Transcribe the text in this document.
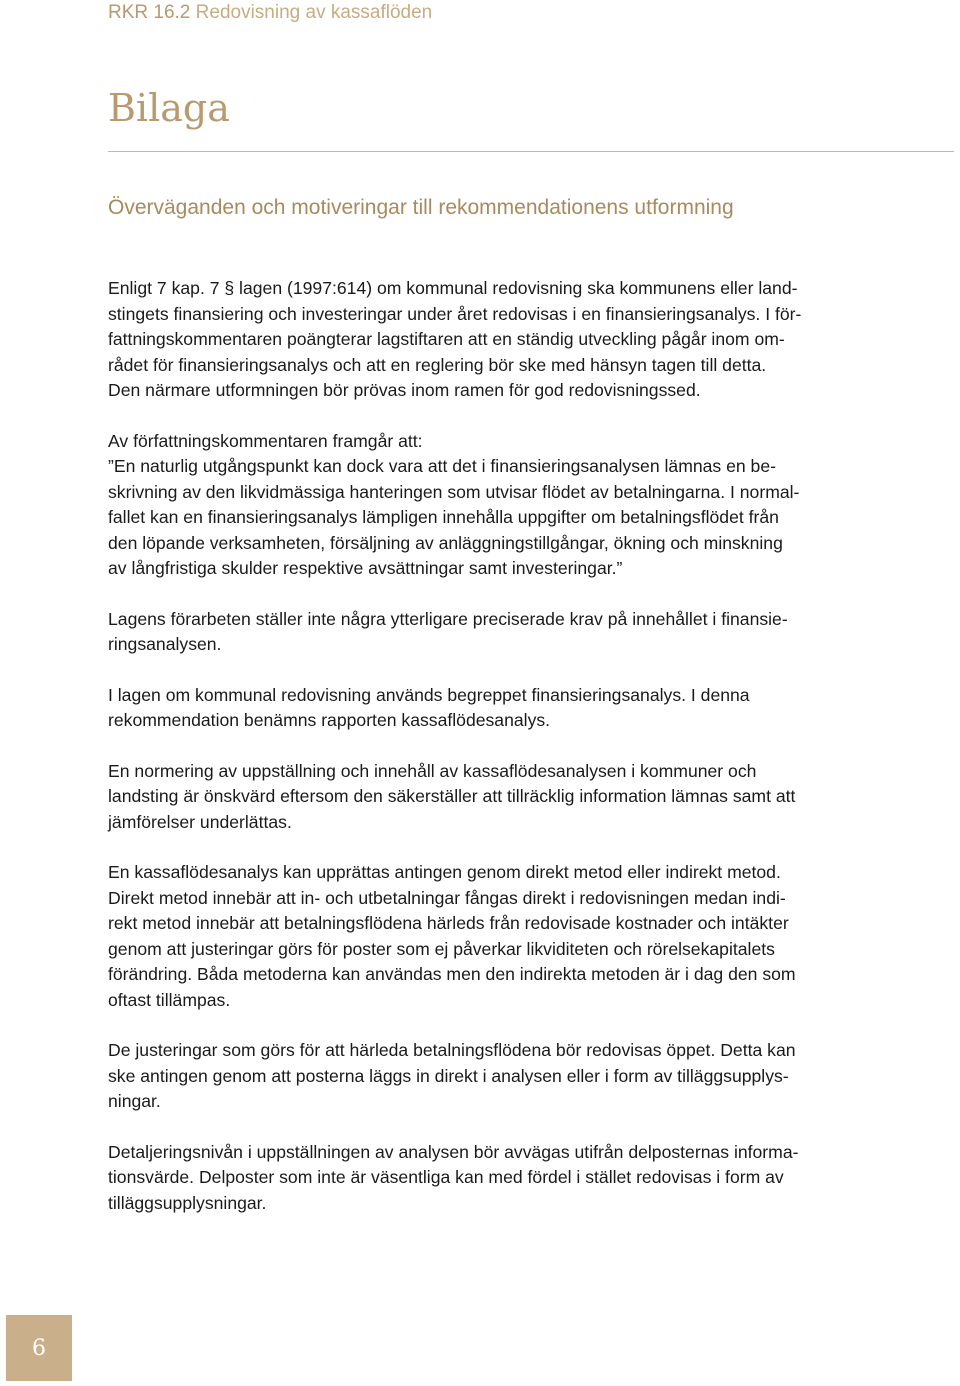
RKR 16.2 Redovisning av kassaflöden
Bilaga
Överväganden och motiveringar till rekommendationens utformning

Enligt 7 kap. 7 § lagen (1997:614) om kommunal redovisning ska kommunens eller land-
stingets finansiering och investeringar under året redovisas i en finansieringsanalys. I för-
fattningskommentaren poängterar lagstiftaren att en ständig utveckling pågår inom om-
rådet för finansieringsanalys och att en reglering bör ske med hänsyn tagen till detta.
Den närmare utformningen bör prövas inom ramen för god redovisningssed.

Av författningskommentaren framgår att:
”En naturlig utgångspunkt kan dock vara att det i finansieringsanalysen lämnas en be-
skrivning av den likvidmässiga hanteringen som utvisar flödet av betalningarna. I normal-
fallet kan en finansieringsanalys lämpligen innehålla uppgifter om betalningsflödet från
den löpande verksamheten, försäljning av anläggningstillgångar, ökning och minskning
av långfristiga skulder respektive avsättningar samt investeringar.”

Lagens förarbeten ställer inte några ytterligare preciserade krav på innehållet i finansie-
ringsanalysen.

I lagen om kommunal redovisning används begreppet finansieringsanalys. I denna
rekommendation benämns rapporten kassaflödesanalys.

En normering av uppställning och innehåll av kassaflödesanalysen i kommuner och
landsting är önskvärd eftersom den säkerställer att tillräcklig information lämnas samt att
jämförelser underlättas.

En kassaflödesanalys kan upprättas antingen genom direkt metod eller indirekt metod.
Direkt metod innebär att in- och utbetalningar fångas direkt i redovisningen medan indi-
rekt metod innebär att betalningsflödena härleds från redovisade kostnader och intäkter
genom att justeringar görs för poster som ej påverkar likviditeten och rörelsekapitalets
förändring. Båda metoderna kan användas men den indirekta metoden är i dag den som
oftast tillämpas.

De justeringar som görs för att härleda betalningsflödena bör redovisas öppet. Detta kan
ske antingen genom att posterna läggs in direkt i analysen eller i form av tilläggsupplys-
ningar.

Detaljeringsnivån i uppställningen av analysen bör avvägas utifrån delposternas informa-
tionsvärde. Delposter som inte är väsentliga kan med fördel i stället redovisas i form av
tilläggsupplysningar.

6
